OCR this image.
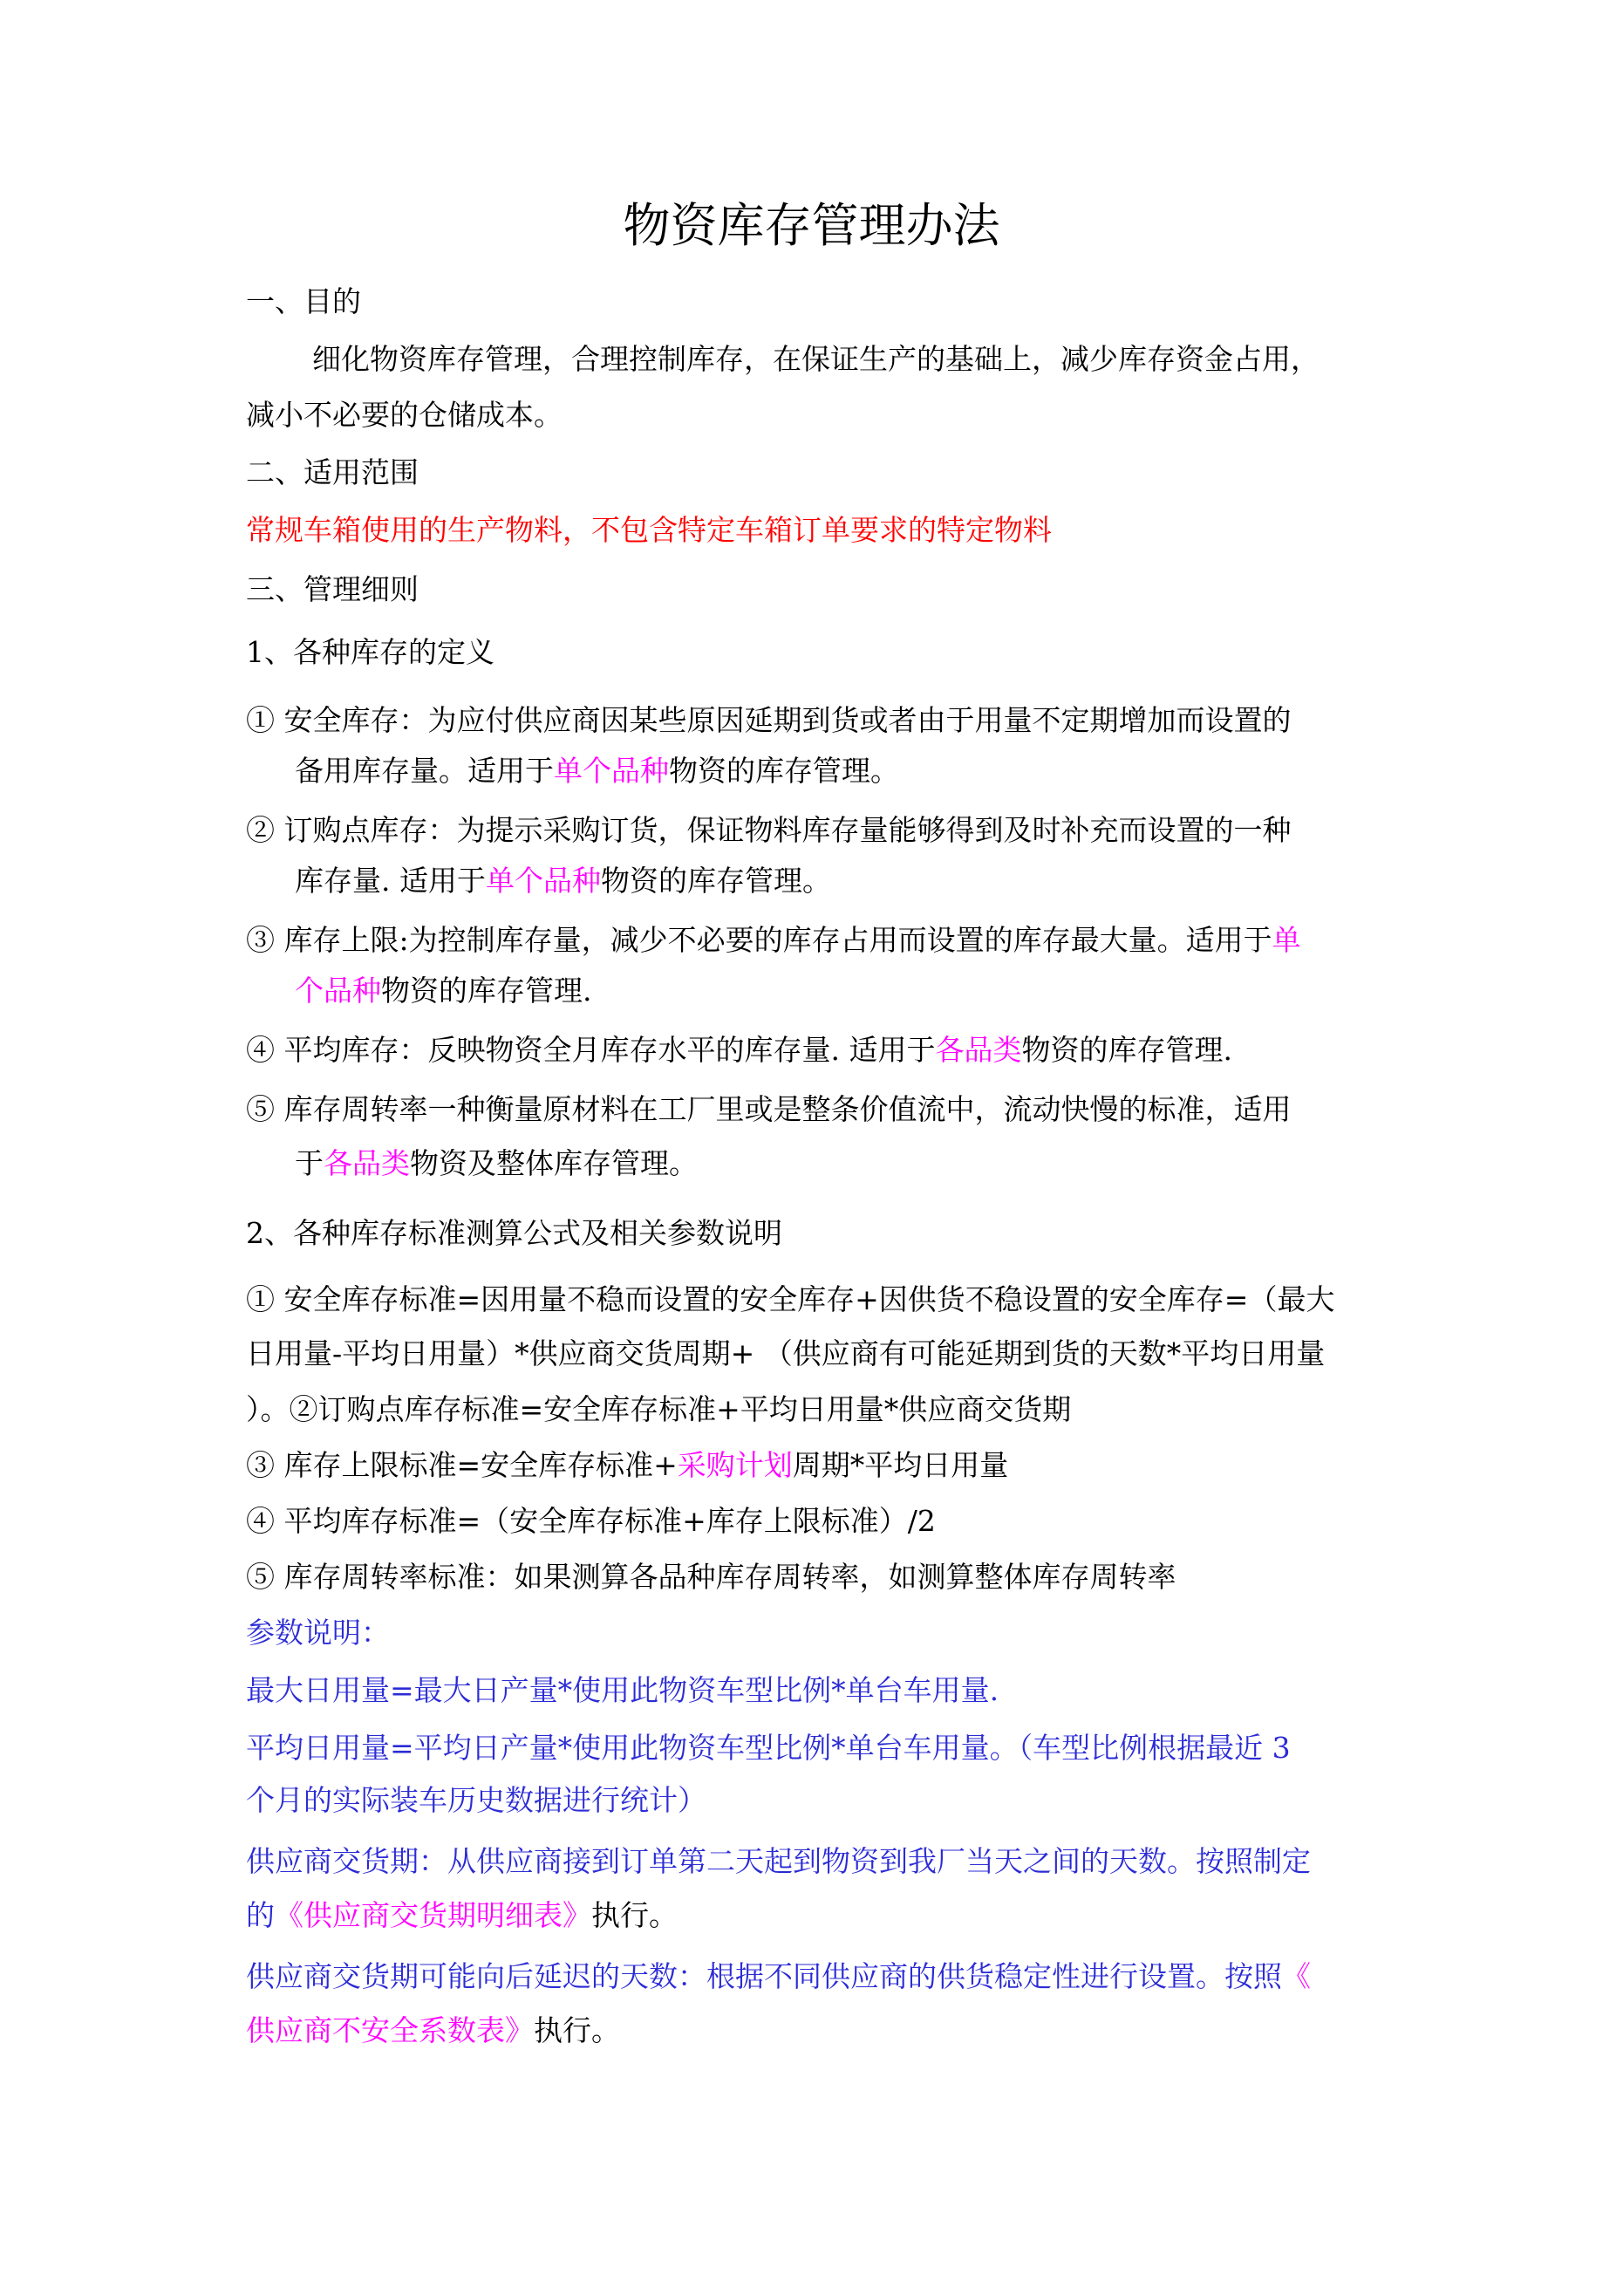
物资库存管理办法
一、目的
细化物资库存管理，合理控制库存，在保证生产的基础上，减少库存资金占用，
减小不必要的仓储成本。
二、适用范围
常规车箱使用的生产物料，不包含特定车箱订单要求的特定物料
三、管理细则
1、各种库存的定义
① 安全库存：为应付供应商因某些原因延期到货或者由于用量不定期增加而设置的
备用库存量。适用于单个品种物资的库存管理。
② 订购点库存：为提示采购订货，保证物料库存量能够得到及时补充而设置的一种
库存量. 适用于单个品种物资的库存管理。
③ 库存上限:为控制库存量，减少不必要的库存占用而设置的库存最大量。适用于单
个品种物资的库存管理.
④ 平均库存：反映物资全月库存水平的库存量. 适用于各品类物资的库存管理.
⑤ 库存周转率一种衡量原材料在工厂里或是整条价值流中，流动快慢的标准，适用
于各品类物资及整体库存管理。
2、各种库存标准测算公式及相关参数说明
① 安全库存标准=因用量不稳而设置的安全库存+因供货不稳设置的安全库存=（最大
日用量-平均日用量）*供应商交货周期+ （供应商有可能延期到货的天数*平均日用量
）。②订购点库存标准=安全库存标准+平均日用量*供应商交货期
③ 库存上限标准=安全库存标准+采购计划周期*平均日用量
④ 平均库存标准=（安全库存标准+库存上限标准）/2
⑤ 库存周转率标准：如果测算各品种库存周转率，如测算整体库存周转率
参数说明：
最大日用量=最大日产量*使用此物资车型比例*单台车用量.
平均日用量=平均日产量*使用此物资车型比例*单台车用量。（车型比例根据最近 3
个月的实际装车历史数据进行统计）
供应商交货期：从供应商接到订单第二天起到物资到我厂当天之间的天数。按照制定
的《供应商交货期明细表》执行。
供应商交货期可能向后延迟的天数：根据不同供应商的供货稳定性进行设置。按照《
供应商不安全系数表》执行。
